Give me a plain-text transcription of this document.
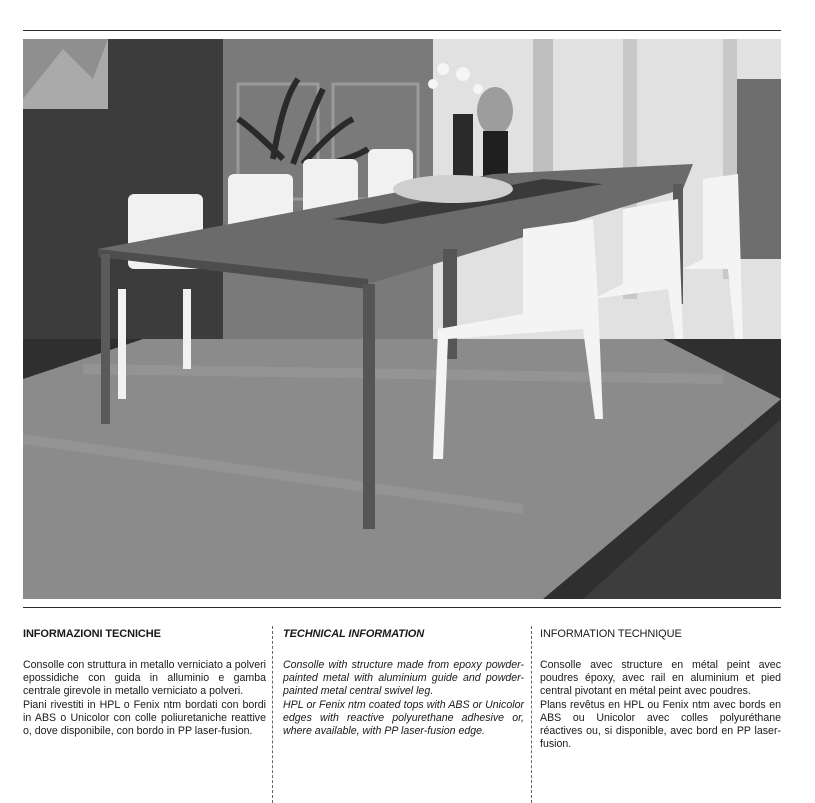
INFORMAZIONI TECNICHE

Consolle con struttura in metallo verniciato a polveri epossidiche con guida in alluminio e gamba centrale girevole in metallo verniciato a polveri.

Piani rivestiti in HPL o Fenix ntm bordati con bordi in ABS o Unicolor con colle poliuretaniche reattive o, dove disponibile, con bordo in PP laser-fusion.

TECHNICAL INFORMATION

Consolle with structure made from epoxy powder-painted metal with aluminium guide and powder-painted metal central swivel leg.

HPL or Fenix ntm coated tops with ABS or Unicolor edges with reactive polyurethane adhesive or, where available, with PP laser-fusion edge.

INFORMATION TECHNIQUE

Consolle avec structure en métal peint avec poudres époxy, avec rail en aluminium et pied central pivotant en métal peint avec poudres.

Plans revêtus en HPL ou Fenix ntm avec bords en ABS ou Unicolor avec colles polyuréthane réactives ou, si disponible, avec bord en PP laser-fusion.
